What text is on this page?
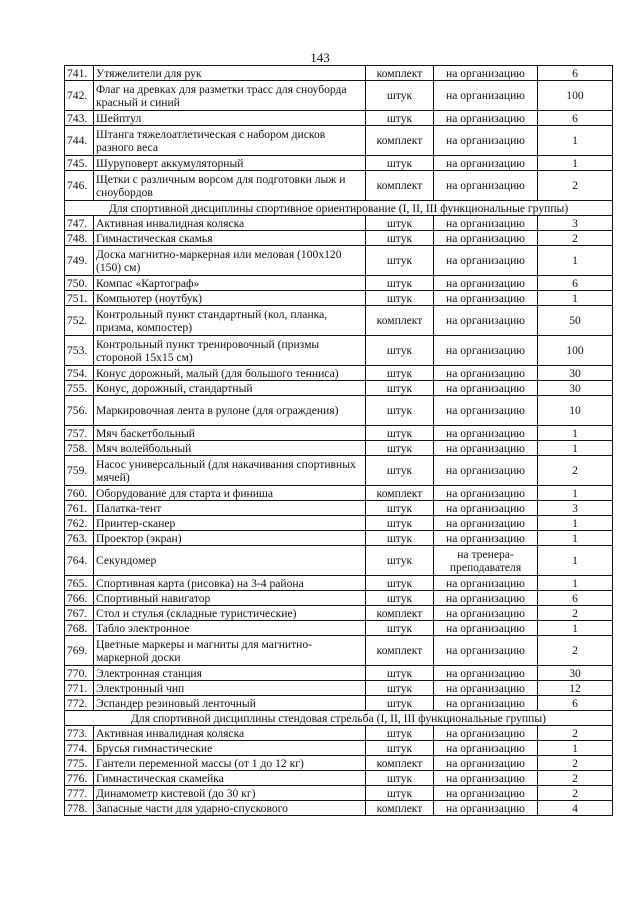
143
741.	Утяжелители для рук	комплект	на организацию	6
742.	Флаг на древках для разметки трасс для сноуборда красный и синий	штук	на организацию	100
743.	Шейптул	штук	на организацию	6
744.	Штанга тяжелоатлетическая с набором дисков разного веса	комплект	на организацию	1
745.	Шуруповерт аккумуляторный	штук	на организацию	1
746.	Щетки с различным ворсом для подготовки лыж и сноубордов	комплект	на организацию	2
Для спортивной дисциплины спортивное ориентирование (I, II, III функциональные группы)				
747.	Активная инвалидная коляска	штук	на организацию	3
748.	Гимнастическая скамья	штук	на организацию	2
749.	Доска магнитно-маркерная или меловая (100x120 (150) см)	штук	на организацию	1
750.	Компас «Картограф»	штук	на организацию	6
751.	Компьютер (ноутбук)	штук	на организацию	1
752.	Контрольный пункт стандартный (кол, планка, призма, компостер)	комплект	на организацию	50
753.	Контрольный пункт тренировочный (призмы стороной 15x15 см)	штук	на организацию	100
754.	Конус дорожный, малый (для большого тенниса)	штук	на организацию	30
755.	Конус, дорожный, стандартный	штук	на организацию	30
756.	Маркировочная лента в рулоне (для ограждения)	штук	на организацию	10
757.	Мяч баскетбольный	штук	на организацию	1
758.	Мяч волейбольный	штук	на организацию	1
759.	Насос универсальный (для накачивания спортивных мячей)	штук	на организацию	2
760.	Оборудование для старта и финиша	комплект	на организацию	1
761.	Палатка-тент	штук	на организацию	3
762.	Принтер-сканер	штук	на организацию	1
763.	Проектор (экран)	штук	на организацию	1
764.	Секундомер	штук	на тренера-преподавателя	1
765.	Спортивная карта (рисовка) на 3-4 района	штук	на организацию	1
766.	Спортивный навигатор	штук	на организацию	6
767.	Стол и стулья (складные туристические)	комплект	на организацию	2
768.	Табло электронное	штук	на организацию	1
769.	Цветные маркеры и магниты для магнитно-маркерной доски	комплект	на организацию	2
770.	Электронная станция	штук	на организацию	30
771.	Электронный чип	штук	на организацию	12
772.	Эспандер резиновый ленточный	штук	на организацию	6
Для спортивной дисциплины стендовая стрельба (I, II, III функциональные группы)				
773.	Активная инвалидная коляска	штук	на организацию	2
774.	Брусья гимнастические	штук	на организацию	1
775.	Гантели переменной массы (от 1 до 12 кг)	комплект	на организацию	2
776.	Гимнастическая скамейка	штук	на организацию	2
777.	Динамометр кистевой (до 30 кг)	штук	на организацию	2
778.	Запасные части для ударно-спускового	комплект	на организацию	4
